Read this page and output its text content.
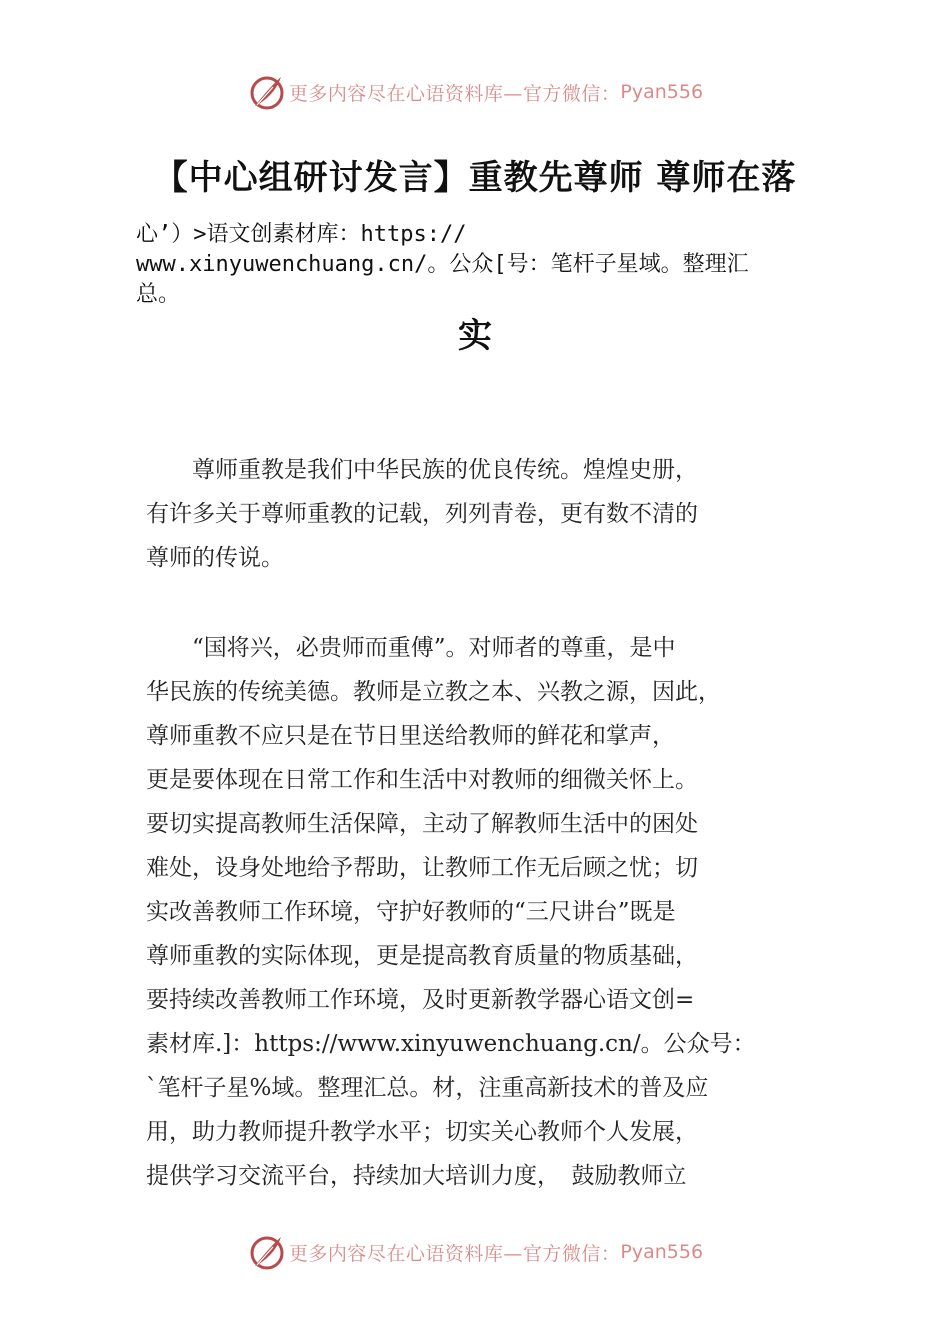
更多内容尽在心语资料库—官方微信： Pyan556
【中心组研讨发言】重教先尊师 尊师在落
心’）>语文创素材库：https://
www.xinyuwenchuang.cn/。公众[号：笔杆子星域。整理汇
总。
实
　　尊师重教是我们中华民族的优良传统。煌煌史册，
有许多关于尊师重教的记载，列列青卷，更有数不清的
尊师的传说。
　　“国将兴，必贵师而重傅”。对师者的尊重，是中
华民族的传统美德。教师是立教之本、兴教之源，因此，
尊师重教不应只是在节日里送给教师的鲜花和掌声，
更是要体现在日常工作和生活中对教师的细微关怀上。
要切实提高教师生活保障，主动了解教师生活中的困处
难处，设身处地给予帮助，让教师工作无后顾之忧；切
实改善教师工作环境，守护好教师的“三尺讲台”既是
尊师重教的实际体现，更是提高教育质量的物质基础，
要持续改善教师工作环境，及时更新教学器心语文创=
素材库.]：https://www.xinyuwenchuang.cn/。公众号：
`笔杆子星%域。整理汇总。材，注重高新技术的普及应
用，助力教师提升教学水平；切实关心教师个人发展，
提供学习交流平台，持续加大培训力度，　鼓励教师立
更多内容尽在心语资料库—官方微信： Pyan556
